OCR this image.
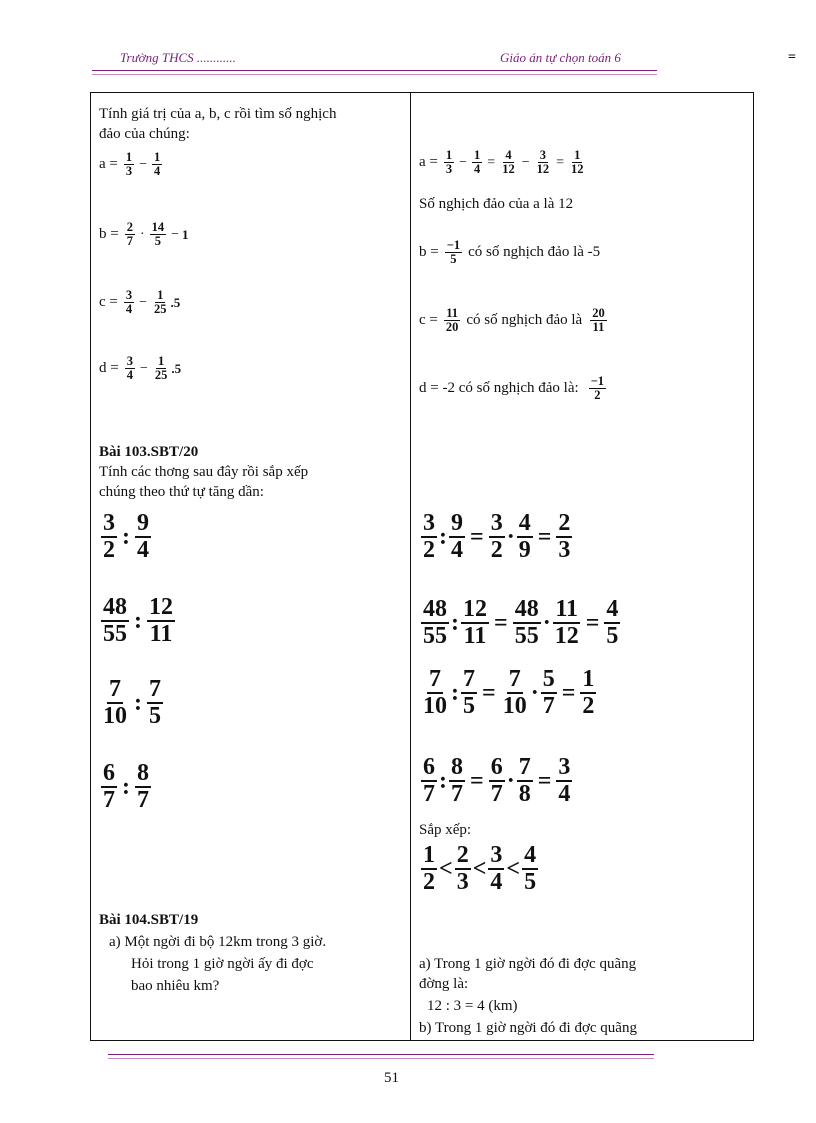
Trường THCS ............	Giáo án tự chọn toán 6	=
Tính giá trị của a, b, c rồi tìm số nghịch
đảo của chúng:
$a = \frac{1}{3} - \frac{1}{4}$
$b = \frac{2}{7} \cdot 14$
5 − 1
$c = \frac{3}{4} - \frac{1}{25}$ . 5
$d = \frac{3}{4} - \frac{1}{25}$ . 5
Bài 103.SBT/20
Tính các thơng sau đây rồi sắp xếp
chúng theo thứ tự tăng dần:
3
2
:
9
4
48
55
:
12
11
7
10
:
7
5
6
7
:
8
7
Bài 104.SBT/19
a) Một ngời đi bộ 12km trong 3 giờ.
Hỏi trong 1 giờ ngời ấy đi đợc
bao nhiêu km?

$a = \frac{1}{3} - \frac{1}{4} = \frac{4}{12} - \frac{3}{12} = \frac{1}{12}$
Số nghịch đảo của a là 12
$b = \frac{-1}{5}$ có số nghịch đảo là -5
$c = \frac{11}{20}$ có số nghịch đảo là 20
11
d = -2 có số nghịch đảo là: −1
2
3
2
: $\frac{9}{4} = \frac{3}{2} \cdot \frac{4}{9} = \frac{2}{3}$
48
55
: $\frac{12}{11} = \frac{48}{55} \cdot \frac{11}{12} = \frac{4}{5}$
7
10
: $\frac{7}{5} = \frac{7}{10} \cdot \frac{5}{7} = \frac{1}{2}$
6
7
: $\frac{8}{7} = \frac{6}{7} \cdot \frac{7}{8} = \frac{3}{4}$
Sắp xếp:
1
2
<
2
3
<
3
4
<
4
5
a) Trong 1 giờ ngời đó đi đợc quãng
đờng là:
12 : 3 = 4 (km)
b) Trong 1 giờ ngời đó đi đợc quãng
51
